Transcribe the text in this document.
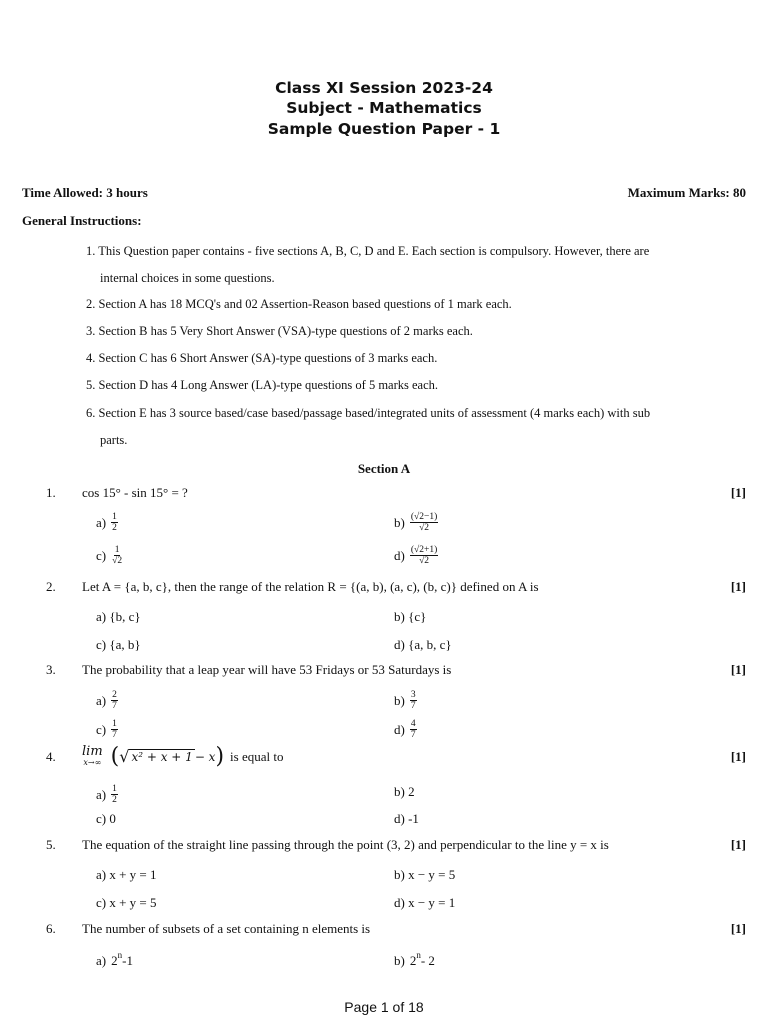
Class XI Session 2023-24
Subject - Mathematics
Sample Question Paper - 1
Time Allowed: 3 hours	Maximum Marks: 80
General Instructions:
1. This Question paper contains - five sections A, B, C, D and E. Each section is compulsory. However, there are
internal choices in some questions.
2. Section A has 18 MCQ's and 02 Assertion-Reason based questions of 1 mark each.
3. Section B has 5 Very Short Answer (VSA)-type questions of 2 marks each.
4. Section C has 6 Short Answer (SA)-type questions of 3 marks each.
5. Section D has 4 Long Answer (LA)-type questions of 5 marks each.
6. Section E has 3 source based/case based/passage based/integrated units of assessment (4 marks each) with sub
parts.
Section A
1. cos 15° - sin 15° = ?	[1]
$a) \frac{1}{2}$	$b) \frac{(√2-1)}{√2}$
$c) \frac{1}{√2}$	$d) \frac{(√2+1)}{√2}$
2. Let A = {a, b, c}, then the range of the relation R = {(a, b), (a, c), (b, c)} defined on A is	[1]
a) {b, c}	b) {c}
c) {a, b}	d) {a, b, c}
3. The probability that a leap year will have 53 Fridays or 53 Saturdays is	[1]
$a) \frac{2}{7}$	$b) \frac{3}{7}$
$c) \frac{1}{7}$	$d) \frac{4}{7}$
4. lim
x→∞ ( √ x² + x + 1 − x ) is equal to	[1]
$a) \frac{1}{2}$	b) 2
c) 0	d) -1
5. The equation of the straight line passing through the point (3, 2) and perpendicular to the line y = x is	[1]
a) x + y = 1	b) x − y = 5
c) x + y = 5	d) x − y = 1
6. The number of subsets of a set containing n elements is	[1]
a) 2 n -1	b) 2 n - 2
Page 1 of 18
